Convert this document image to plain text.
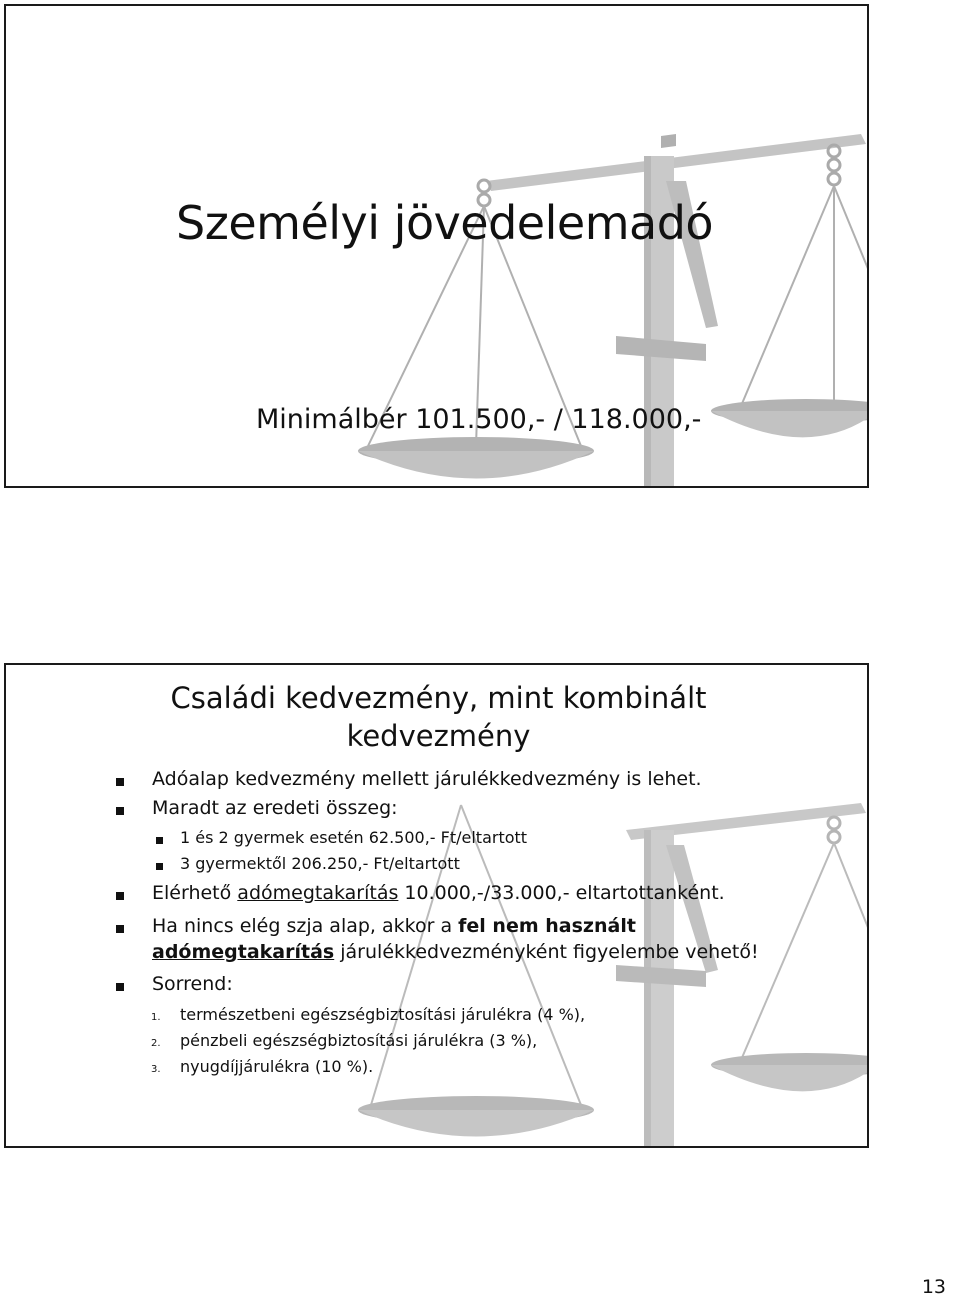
Személyi jövedelemadó
Minimálbér 101.500,- / 118.000,-
Családi kedvezmény, mint kombinált
kedvezmény
Adóalap kedvezmény mellett járulékkedvezmény is lehet.
Maradt az eredeti összeg:
1 és 2 gyermek esetén 62.500,- Ft/eltartott
3 gyermektől 206.250,- Ft/eltartott
Elérhető adómegtakarítás 10.000,-/33.000,- eltartottanként.
Ha nincs elég szja alap, akkor a fel nem használt
adómegtakarítás járulékkedvezményként figyelembe vehető!
Sorrend:
1. természetbeni egészségbiztosítási járulékra (4 %),
2. pénzbeli egészségbiztosítási járulékra (3 %),
3. nyugdíjjárulékra (10 %).
13
